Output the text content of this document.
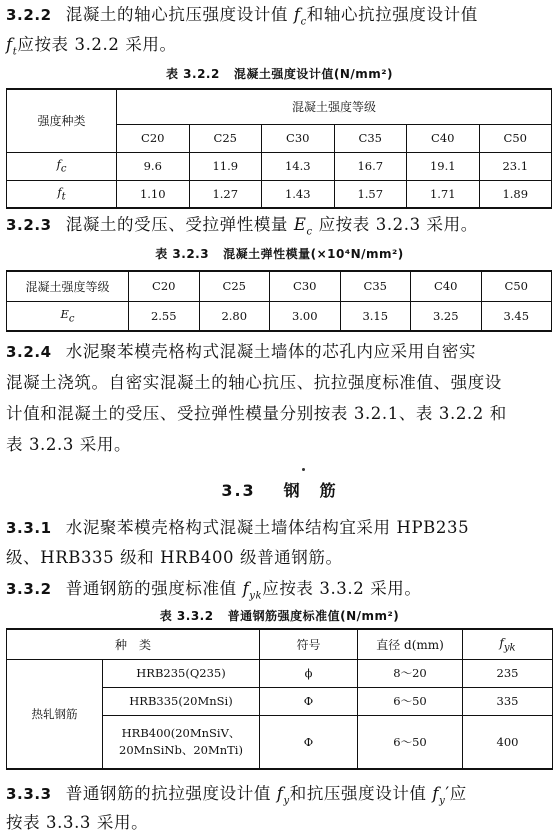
3.2.2 混凝土的轴心抗压强度设计值 $f_c$和轴心抗拉强度设计值
$f_t$应按表 3.2.2 采用。
表 3.2.2 混凝土强度设计值(N/mm²)
强度种类	混凝土强度等级					
	C20	C25	C30	C35	C40	C50
$f_c$	9.6	11.9	14.3	16.7	19.1	23.1
$f_t$	1.10	1.27	1.43	1.57	1.71	1.89
3.2.3 混凝土的受压、受拉弹性模量 $E_c$ 应按表 3.2.3 采用。
表 3.2.3 混凝土弹性模量(×10⁴N/mm²)
混凝土强度等级	C20	C25	C30	C35	C40	C50
$E_c$	2.55	2.80	3.00	3.15	3.25	3.45
3.2.4 水泥聚苯模壳格构式混凝土墙体的芯孔内应采用自密实
混凝土浇筑。自密实混凝土的轴心抗压、抗拉强度标准值、强度设
计值和混凝土的受压、受拉弹性模量分别按表 3.2.1、表 3.2.2 和
表 3.2.3 采用。
3.3 钢　筋
3.3.1 水泥聚苯模壳格构式混凝土墙体结构宜采用 HPB235
级、HRB335 级和 HRB400 级普通钢筋。
3.3.2 普通钢筋的强度标准值 $f_{yk}$应按表 3.3.2 采用。
表 3.3.2 普通钢筋强度标准值(N/mm²)
种　类		符号	直径 d(mm)	$f_{yk}$
热轧钢筋	HRB235(Q235)	ϕ	8～20	235
	HRB335(20MnSi)	Φ	6～50	335
	HRB400(20MnSiV、20MnSiNb、20MnTi)	Φ	6～50	400
3.3.3 普通钢筋的抗拉强度设计值 $f_y$和抗压强度设计值 $f_y'$应
按表 3.3.3 采用。
